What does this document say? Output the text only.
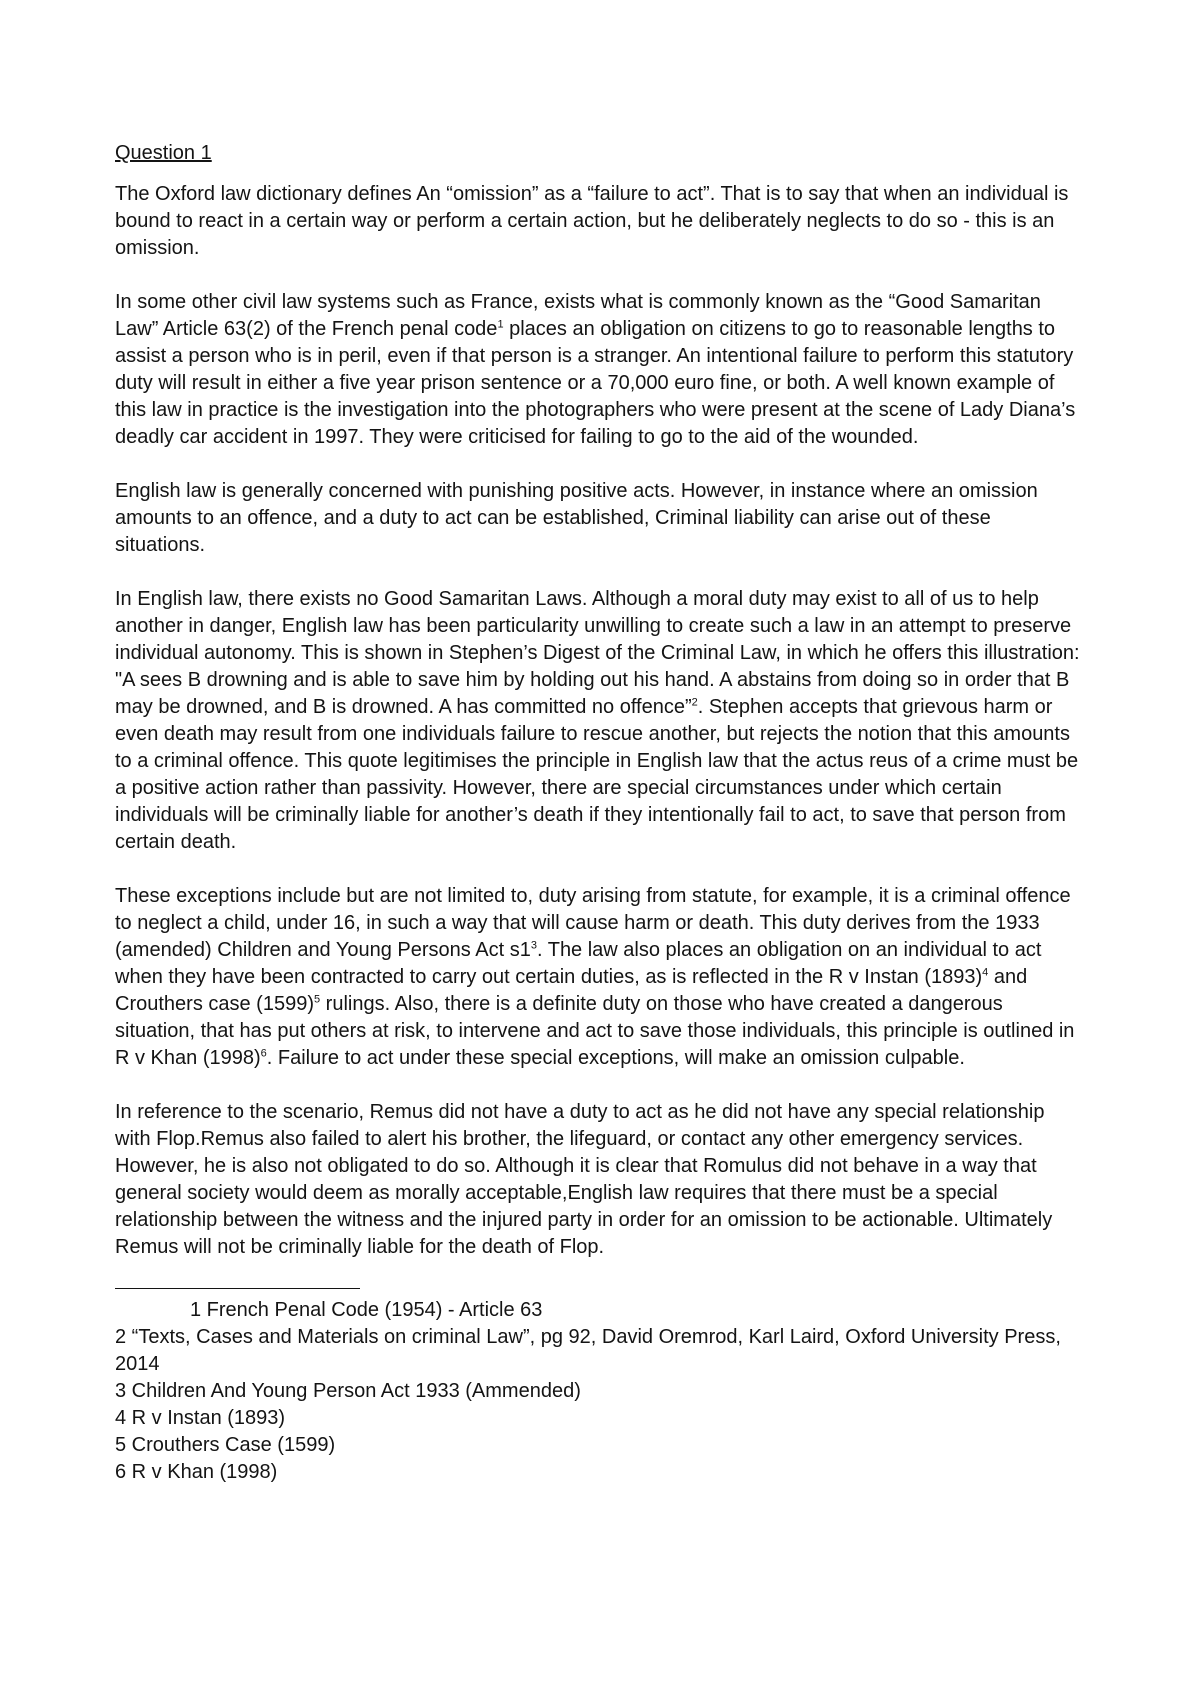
Question 1

The Oxford law dictionary defines An “omission” as a “failure to act”. That is to say that when an individual is bound to react in a certain way or perform a certain action, but he deliberately neglects to do so - this is an omission.

In some other civil law systems such as France, exists what is commonly known as the “Good Samaritan Law” Article 63(2) of the French penal code$^1$ places an obligation on citizens to go to reasonable lengths to assist a person who is in peril, even if that person is a stranger. An intentional failure to perform this statutory duty will result in either a five year prison sentence or a 70,000 euro fine, or both. A well known example of this law in practice is the investigation into the photographers who were present at the scene of Lady Diana’s deadly car accident in 1997. They were criticised for failing to go to the aid of the wounded.

English law is generally concerned with punishing positive acts. However, in instance where an omission amounts to an offence, and a duty to act can be established, Criminal liability can arise out of these situations.

In English law, there exists no Good Samaritan Laws. Although a moral duty may exist to all of us to help another in danger, English law has been particularity unwilling to create such a law in an attempt to preserve individual autonomy. This is shown in Stephen’s Digest of the Criminal Law, in which he offers this illustration: "A sees B drowning and is able to save him by holding out his hand. A abstains from doing so in order that B may be drowned, and B is drowned. A has committed no offence”$^2$. Stephen accepts that grievous harm or even death may result from one individuals failure to rescue another, but rejects the notion that this amounts to a criminal offence. This quote legitimises the principle in English law that the actus reus of a crime must be a positive action rather than passivity. However, there are special circumstances under which certain individuals will be criminally liable for another’s death if they intentionally fail to act, to save that person from certain death.

These exceptions include but are not limited to, duty arising from statute, for example, it is a criminal offence to neglect a child, under 16, in such a way that will cause harm or death. This duty derives from the 1933 (amended) Children and Young Persons Act $s1^3$. The law also places an obligation on an individual to act when they have been contracted to carry out certain duties, as is reflected in the R v Instan $(1893)^4$ and Crouthers case $(1599)^5$ rulings. Also, there is a definite duty on those who have created a dangerous situation, that has put others at risk, to intervene and act to save those individuals, this principle is outlined in R v Khan $(1998)^6$. Failure to act under these special exceptions, will make an omission culpable.

In reference to the scenario, Remus did not have a duty to act as he did not have any special relationship with Flop.Remus also failed to alert his brother, the lifeguard, or contact any other emergency services. However, he is also not obligated to do so. Although it is clear that Romulus did not behave in a way that general society would deem as morally acceptable,English law requires that there must be a special relationship between the witness and the injured party in order for an omission to be actionable. Ultimately Remus will not be criminally liable for the death of Flop.

1 French Penal Code (1954) - Article 63
2 “Texts, Cases and Materials on criminal Law”, pg 92, David Oremrod, Karl Laird, Oxford University Press, 2014
3 Children And Young Person Act 1933 (Ammended)
4 R v Instan (1893)
5 Crouthers Case (1599)
6 R v Khan (1998)
